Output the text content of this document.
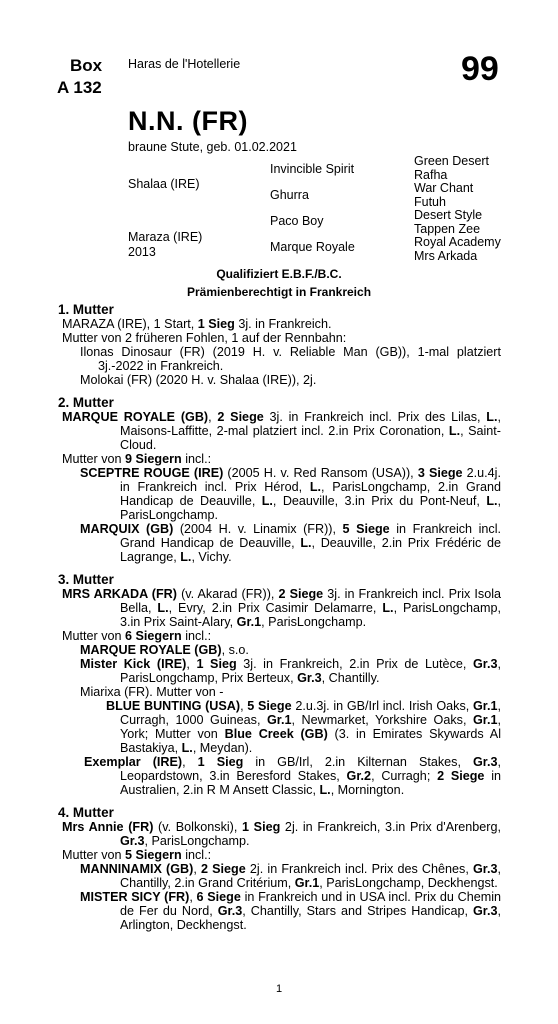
Box
A 132
Haras de l'Hotellerie	99
N.N. (FR)
braune Stute, geb. 01.02.2021
Shalaa (IRE)
Maraza (IRE)
2013
Invincible Spirit
Ghurra
Paco Boy
Marque Royale
Green Desert
Rafha
War Chant
Futuh
Desert Style
Tappen Zee
Royal Academy
Mrs Arkada
Qualifiziert E.B.F./B.C.
Prämienberechtigt in Frankreich
1. Mutter
MARAZA (IRE), 1 Start, 1 Sieg 3j. in Frankreich.
Mutter von 2 früheren Fohlen, 1 auf der Rennbahn:
Ilonas Dinosaur (FR) (2019 H. v. Reliable Man (GB)), 1-mal platziert 3j.-2022 in Frankreich.
Molokai (FR) (2020 H. v. Shalaa (IRE)), 2j.
2. Mutter
MARQUE ROYALE (GB), 2 Siege 3j. in Frankreich incl. Prix des Lilas, L., Maisons-Laffitte, 2-mal platziert incl. 2.in Prix Coronation, L., Saint-Cloud.
Mutter von 9 Siegern incl.:
SCEPTRE ROUGE (IRE) (2005 H. v. Red Ransom (USA)), 3 Siege 2.u.4j. in Frankreich incl. Prix Hérod, L., ParisLongchamp, 2.in Grand Handicap de Deauville, L., Deauville, 3.in Prix du Pont-Neuf, L., ParisLongchamp.
MARQUIX (GB) (2004 H. v. Linamix (FR)), 5 Siege in Frankreich incl. Grand Handicap de Deauville, L., Deauville, 2.in Prix Frédéric de Lagrange, L., Vichy.
3. Mutter
MRS ARKADA (FR) (v. Akarad (FR)), 2 Siege 3j. in Frankreich incl. Prix Isola Bella, L., Evry, 2.in Prix Casimir Delamarre, L., ParisLongchamp, 3.in Prix Saint-Alary, Gr.1, ParisLongchamp.
Mutter von 6 Siegern incl.:
MARQUE ROYALE (GB), s.o.
Mister Kick (IRE), 1 Sieg 3j. in Frankreich, 2.in Prix de Lutèce, Gr.3, ParisLongchamp, Prix Berteux, Gr.3, Chantilly.
Miarixa (FR). Mutter von -
BLUE BUNTING (USA), 5 Siege 2.u.3j. in GB/Irl incl. Irish Oaks, Gr.1, Curragh, 1000 Guineas, Gr.1, Newmarket, Yorkshire Oaks, Gr.1, York; Mutter von Blue Creek (GB) (3. in Emirates Skywards Al Bastakiya, L., Meydan).
Exemplar (IRE), 1 Sieg in GB/Irl, 2.in Kilternan Stakes, Gr.3, Leopardstown, 3.in Beresford Stakes, Gr.2, Curragh; 2 Siege in Australien, 2.in R M Ansett Classic, L., Mornington.
4. Mutter
Mrs Annie (FR) (v. Bolkonski), 1 Sieg 2j. in Frankreich, 3.in Prix d'Arenberg, Gr.3, ParisLongchamp.
Mutter von 5 Siegern incl.:
MANNINAMIX (GB), 2 Siege 2j. in Frankreich incl. Prix des Chênes, Gr.3, Chantilly, 2.in Grand Critérium, Gr.1, ParisLongchamp, Deckhengst.
MISTER SICY (FR), 6 Siege in Frankreich und in USA incl. Prix du Chemin de Fer du Nord, Gr.3, Chantilly, Stars and Stripes Handicap, Gr.3, Arlington, Deckhengst.
1
